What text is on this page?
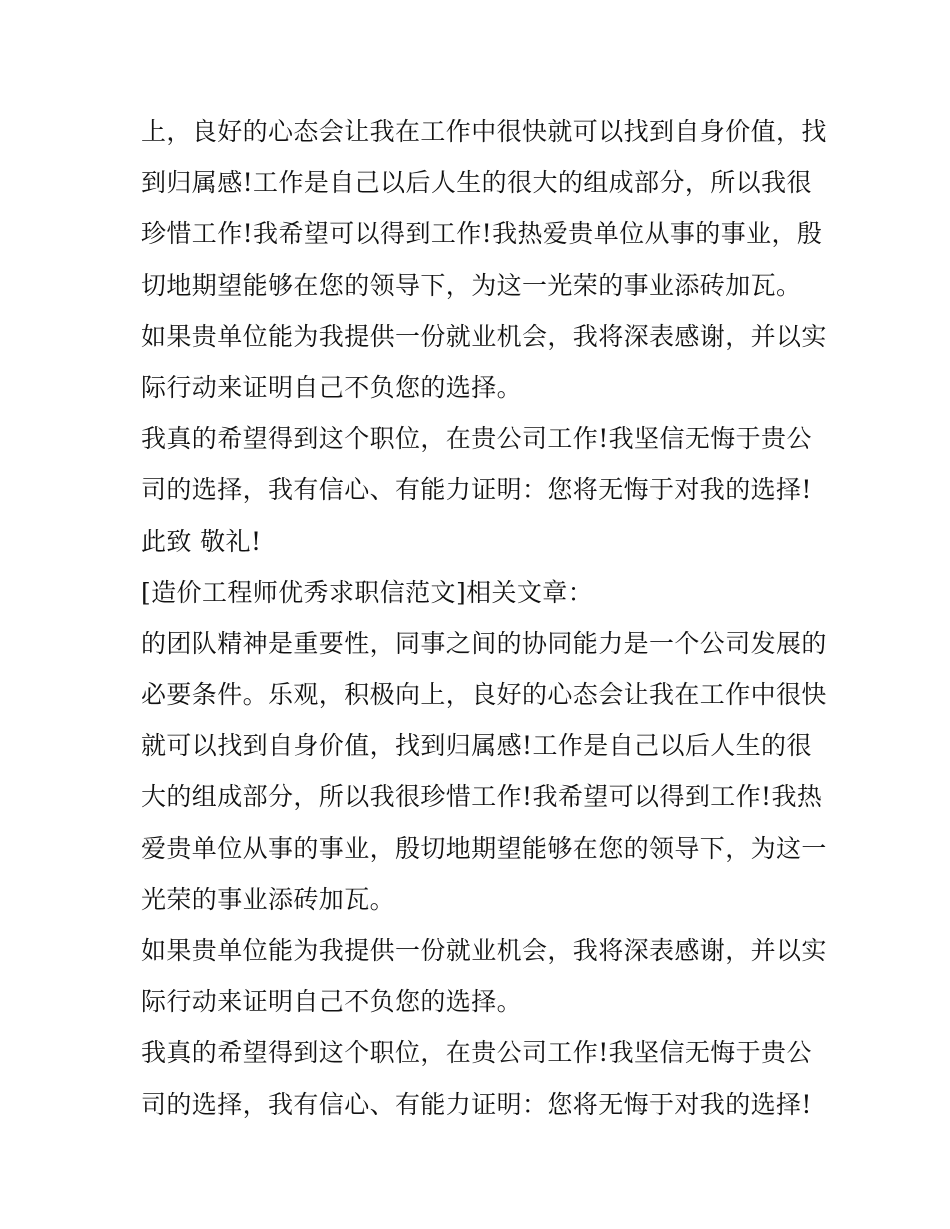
上，良好的心态会让我在工作中很快就可以找到自身价值，找
到归属感!工作是自己以后人生的很大的组成部分，所以我很
珍惜工作!我希望可以得到工作!我热爱贵单位从事的事业，殷
切地期望能够在您的领导下，为这一光荣的事业添砖加瓦。
如果贵单位能为我提供一份就业机会，我将深表感谢，并以实
际行动来证明自己不负您的选择。
我真的希望得到这个职位，在贵公司工作!我坚信无悔于贵公
司的选择，我有信心、有能力证明：您将无悔于对我的选择!
此致 敬礼!
[造价工程师优秀求职信范文]相关文章：
的团队精神是重要性，同事之间的协同能力是一个公司发展的
必要条件。乐观，积极向上，良好的心态会让我在工作中很快
就可以找到自身价值，找到归属感!工作是自己以后人生的很
大的组成部分，所以我很珍惜工作!我希望可以得到工作!我热
爱贵单位从事的事业，殷切地期望能够在您的领导下，为这一
光荣的事业添砖加瓦。
如果贵单位能为我提供一份就业机会，我将深表感谢，并以实
际行动来证明自己不负您的选择。
我真的希望得到这个职位，在贵公司工作!我坚信无悔于贵公
司的选择，我有信心、有能力证明：您将无悔于对我的选择!
